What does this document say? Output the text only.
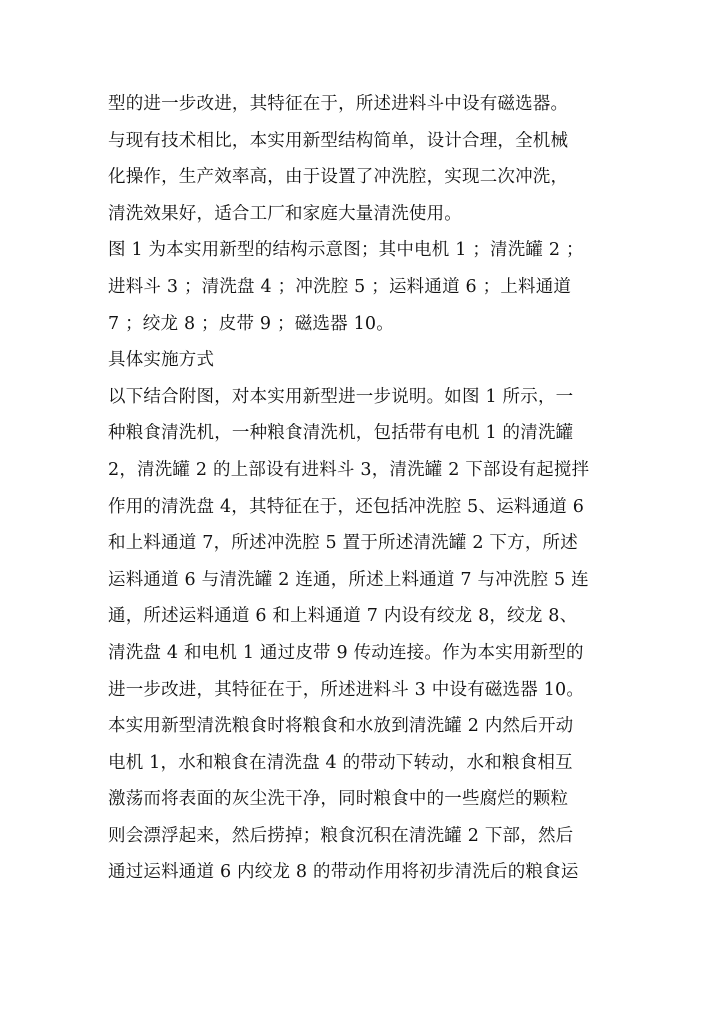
型的进一步改进，其特征在于，所述进料斗中设有磁选器。
与现有技术相比，本实用新型结构简单，设计合理，全机械
化操作，生产效率高，由于设置了冲洗腔，实现二次冲洗，
清洗效果好，适合工厂和家庭大量清洗使用。
图 1 为本实用新型的结构示意图；其中电机 1 ；清洗罐 2 ；
进料斗 3 ；清洗盘 4 ；冲洗腔 5 ；运料通道 6 ；上料通道
7 ；绞龙 8 ；皮带 9 ；磁选器 10。
具体实施方式
以下结合附图，对本实用新型进一步说明。如图 1 所示，一
种粮食清洗机，一种粮食清洗机，包括带有电机 1 的清洗罐
2，清洗罐 2 的上部设有进料斗 3，清洗罐 2 下部设有起搅拌
作用的清洗盘 4，其特征在于，还包括冲洗腔 5、运料通道 6
和上料通道 7，所述冲洗腔 5 置于所述清洗罐 2 下方，所述
运料通道 6 与清洗罐 2 连通，所述上料通道 7 与冲洗腔 5 连
通，所述运料通道 6 和上料通道 7 内设有绞龙 8，绞龙 8、
清洗盘 4 和电机 1 通过皮带 9 传动连接。作为本实用新型的
进一步改进，其特征在于，所述进料斗 3 中设有磁选器 10。
本实用新型清洗粮食时将粮食和水放到清洗罐 2 内然后开动
电机 1，水和粮食在清洗盘 4 的带动下转动，水和粮食相互
激荡而将表面的灰尘洗干净，同时粮食中的一些腐烂的颗粒
则会漂浮起来，然后捞掉；粮食沉积在清洗罐 2 下部，然后
通过运料通道 6 内绞龙 8 的带动作用将初步清洗后的粮食运
